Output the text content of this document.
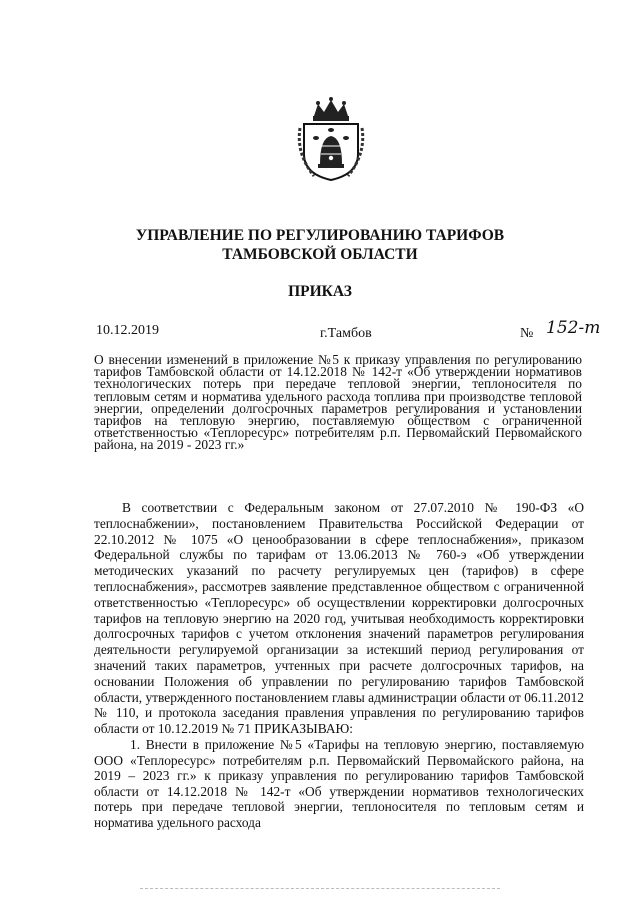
УПРАВЛЕНИЕ ПО РЕГУЛИРОВАНИЮ ТАРИФОВ
ТАМБОВСКОЙ ОБЛАСТИ
ПРИКАЗ
10.12.2019	г.Тамбов	№ 152-т
О внесении изменений в приложение №5 к приказу управления по регулированию тарифов Тамбовской области от 14.12.2018 № 142-т «Об утверждении нормативов технологических потерь при передаче тепловой энергии, теплоносителя по тепловым сетям и норматива удельного расхода топлива при производстве тепловой энергии, определении долгосрочных параметров регулирования и установлении тарифов на тепловую энергию, поставляемую обществом с ограниченной ответственностью «Теплоресурс» потребителям р.п. Первомайский Первомайского района, на 2019 - 2023 гг.»

В соответствии с Федеральным законом от 27.07.2010 № 190-ФЗ «О теплоснабжении», постановлением Правительства Российской Федерации от 22.10.2012 № 1075 «О ценообразовании в сфере теплоснабжения», приказом Федеральной службы по тарифам от 13.06.2013 № 760-э «Об утверждении методических указаний по расчету регулируемых цен (тарифов) в сфере теплоснабжения», рассмотрев заявление представленное обществом с ограниченной ответственностью «Теплоресурс» об осуществлении корректировки долгосрочных тарифов на тепловую энергию на 2020 год, учитывая необходимость корректировки долгосрочных тарифов с учетом отклонения значений параметров регулирования деятельности регулируемой организации за истекший период регулирования от значений таких параметров, учтенных при расчете долгосрочных тарифов, на основании Положения об управлении по регулированию тарифов Тамбовской области, утвержденного постановлением главы администрации области от 06.11.2012 № 110, и протокола заседания правления управления по регулированию тарифов области от 10.12.2019 № 71 ПРИКАЗЫВАЮ:

1. Внести в приложение №5 «Тарифы на тепловую энергию, поставляемую ООО «Теплоресурс» потребителям р.п. Первомайский Первомайского района, на 2019 – 2023 гг.» к приказу управления по регулированию тарифов Тамбовской области от 14.12.2018 № 142-т «Об утверждении нормативов технологических потерь при передаче тепловой энергии, теплоносителя по тепловым сетям и норматива удельного расхода
